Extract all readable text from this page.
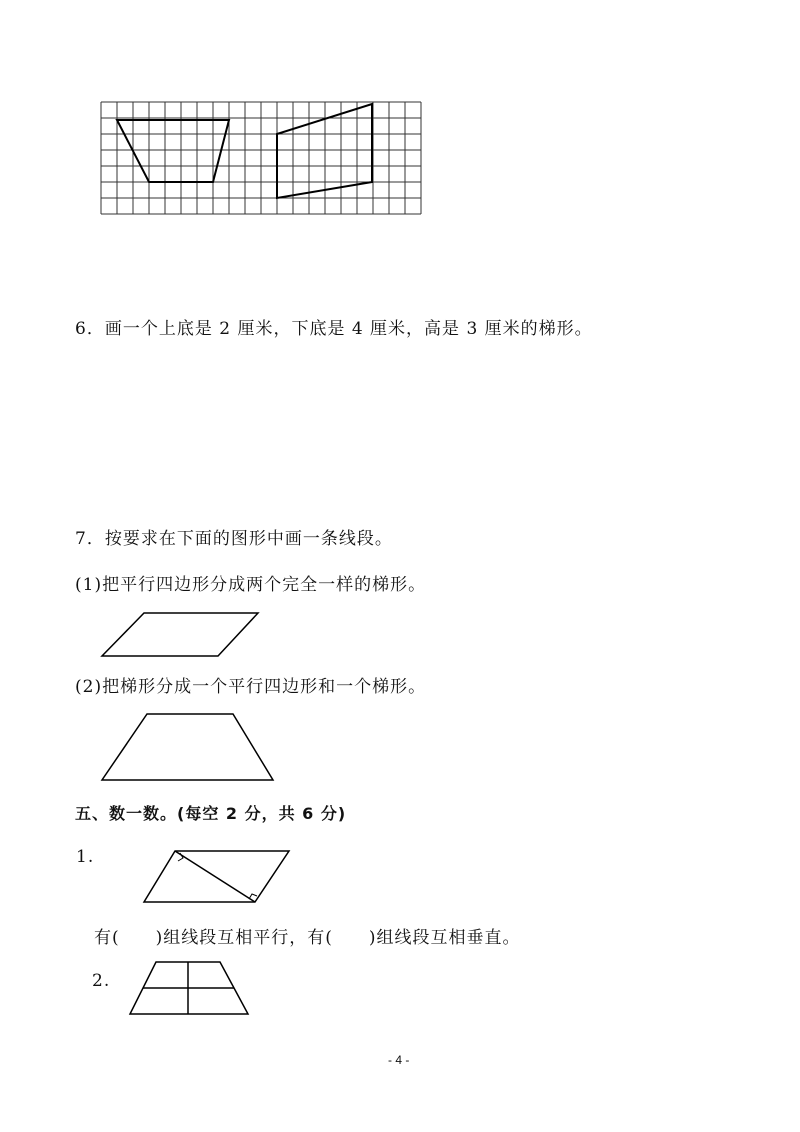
6．画一个上底是 2 厘米，下底是 4 厘米，高是 3 厘米的梯形。
7．按要求在下面的图形中画一条线段。
(1)把平行四边形分成两个完全一样的梯形。
(2)把梯形分成一个平行四边形和一个梯形。
五、数一数。(每空 2 分，共 6 分)
1.
有(　　)组线段互相平行，有(　　)组线段互相垂直。
2.
- 4 -
